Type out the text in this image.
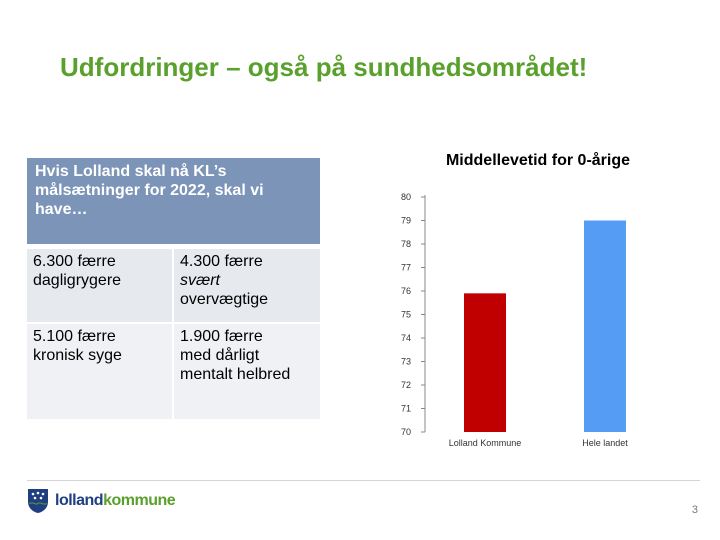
Udfordringer – også på sundhedsområdet!
Hvis Lolland skal nå KL’s målsætninger for 2022, skal vi have…
6.300 færre
dagligrygere
4.300 færre
svært
overvægtige
5.100 færre
kronisk syge
1.900 færre
med dårligt
mentalt helbred
Middellevetid for 0-årige
70
71
72
73
74
75
76
77
78
79
80
Lolland Kommune	Hele landet
lollandkommune
3
